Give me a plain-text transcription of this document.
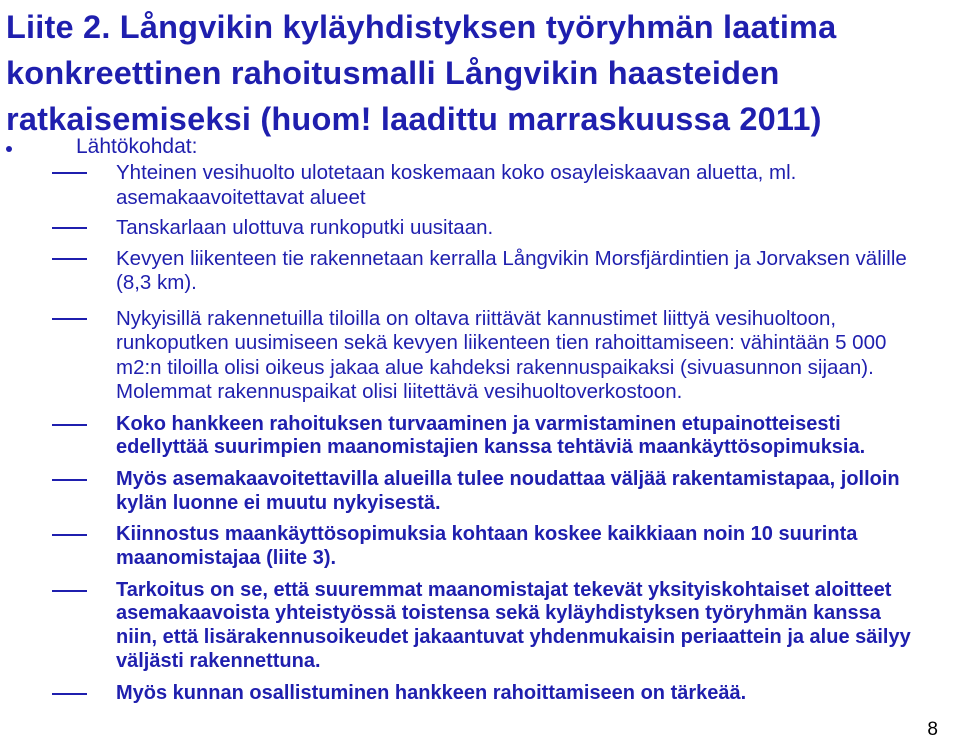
Liite 2. Långvikin kyläyhdistyksen työryhmän laatima konkreettinen rahoitusmalli Långvikin haasteiden ratkaisemiseksi (huom! laadittu marraskuussa 2011)
Lähtökohdat:
Yhteinen vesihuolto ulotetaan koskemaan koko osayleiskaavan aluetta, ml. asemakaavoitettavat alueet
Tanskarlaan ulottuva runkoputki uusitaan.
Kevyen liikenteen tie rakennetaan kerralla Långvikin Morsfjärdintien ja Jorvaksen välille (8,3 km).
Nykyisillä rakennetuilla tiloilla on oltava riittävät kannustimet liittyä vesihuoltoon, runkoputken uusimiseen sekä kevyen liikenteen tien rahoittamiseen: vähintään 5 000 m2:n tiloilla olisi oikeus jakaa alue kahdeksi rakennuspaikaksi (sivuasunnon sijaan). Molemmat rakennuspaikat olisi liitettävä vesihuoltoverkostoon.
Koko hankkeen rahoituksen turvaaminen ja varmistaminen etupainotteisesti edellyttää suurimpien maanomistajien kanssa tehtäviä maankäyttösopimuksia.
Myös asemakaavoitettavilla alueilla tulee noudattaa väljää rakentamistapaa, jolloin kylän luonne ei muutu nykyisestä.
Kiinnostus maankäyttösopimuksia kohtaan koskee kaikkiaan noin 10 suurinta maanomistajaa (liite 3).
Tarkoitus on se, että suuremmat maanomistajat tekevät yksityiskohtaiset aloitteet asemakaavoista yhteistyössä toistensa sekä kyläyhdistyksen työryhmän kanssa niin, että lisärakennusoikeudet jakaantuvat yhdenmukaisin periaattein ja alue säilyy väljästi rakennettuna.
Myös kunnan osallistuminen hankkeen rahoittamiseen on tärkeää.
8
